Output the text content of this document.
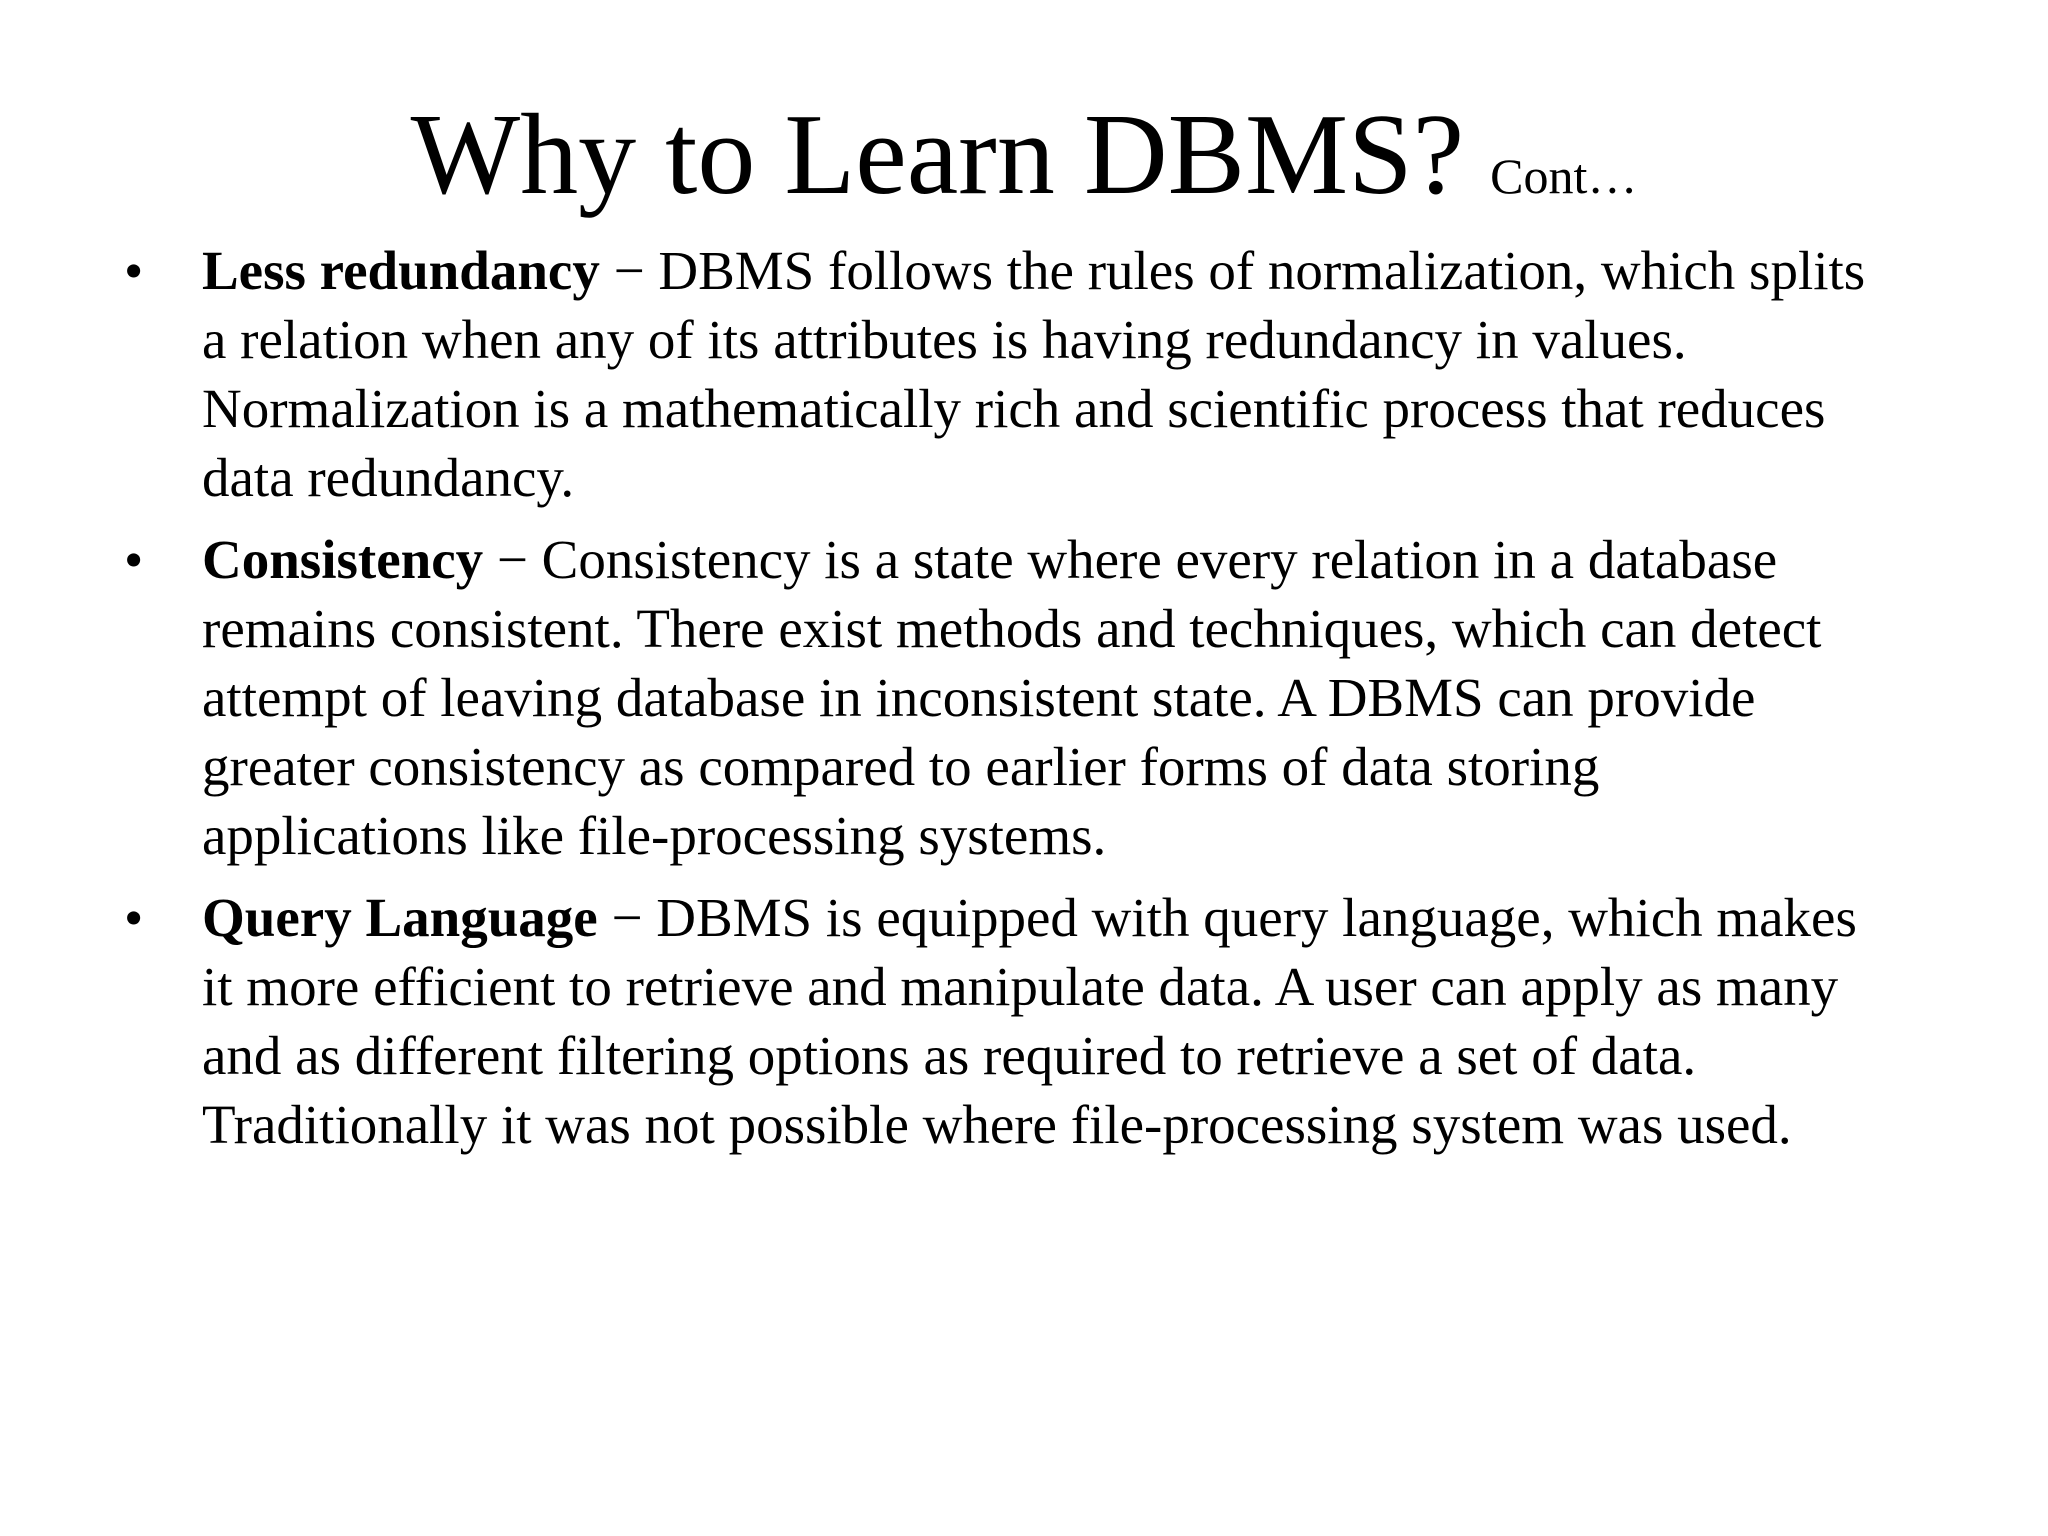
Why to Learn DBMS? Cont…
• Less redundancy − DBMS follows the rules of normalization, which splits
a relation when any of its attributes is having redundancy in values.
Normalization is a mathematically rich and scientific process that reduces
data redundancy.
• Consistency − Consistency is a state where every relation in a database
remains consistent. There exist methods and techniques, which can detect
attempt of leaving database in inconsistent state. A DBMS can provide
greater consistency as compared to earlier forms of data storing
applications like file-processing systems.
• Query Language − DBMS is equipped with query language, which makes
it more efficient to retrieve and manipulate data. A user can apply as many
and as different filtering options as required to retrieve a set of data.
Traditionally it was not possible where file-processing system was used.
